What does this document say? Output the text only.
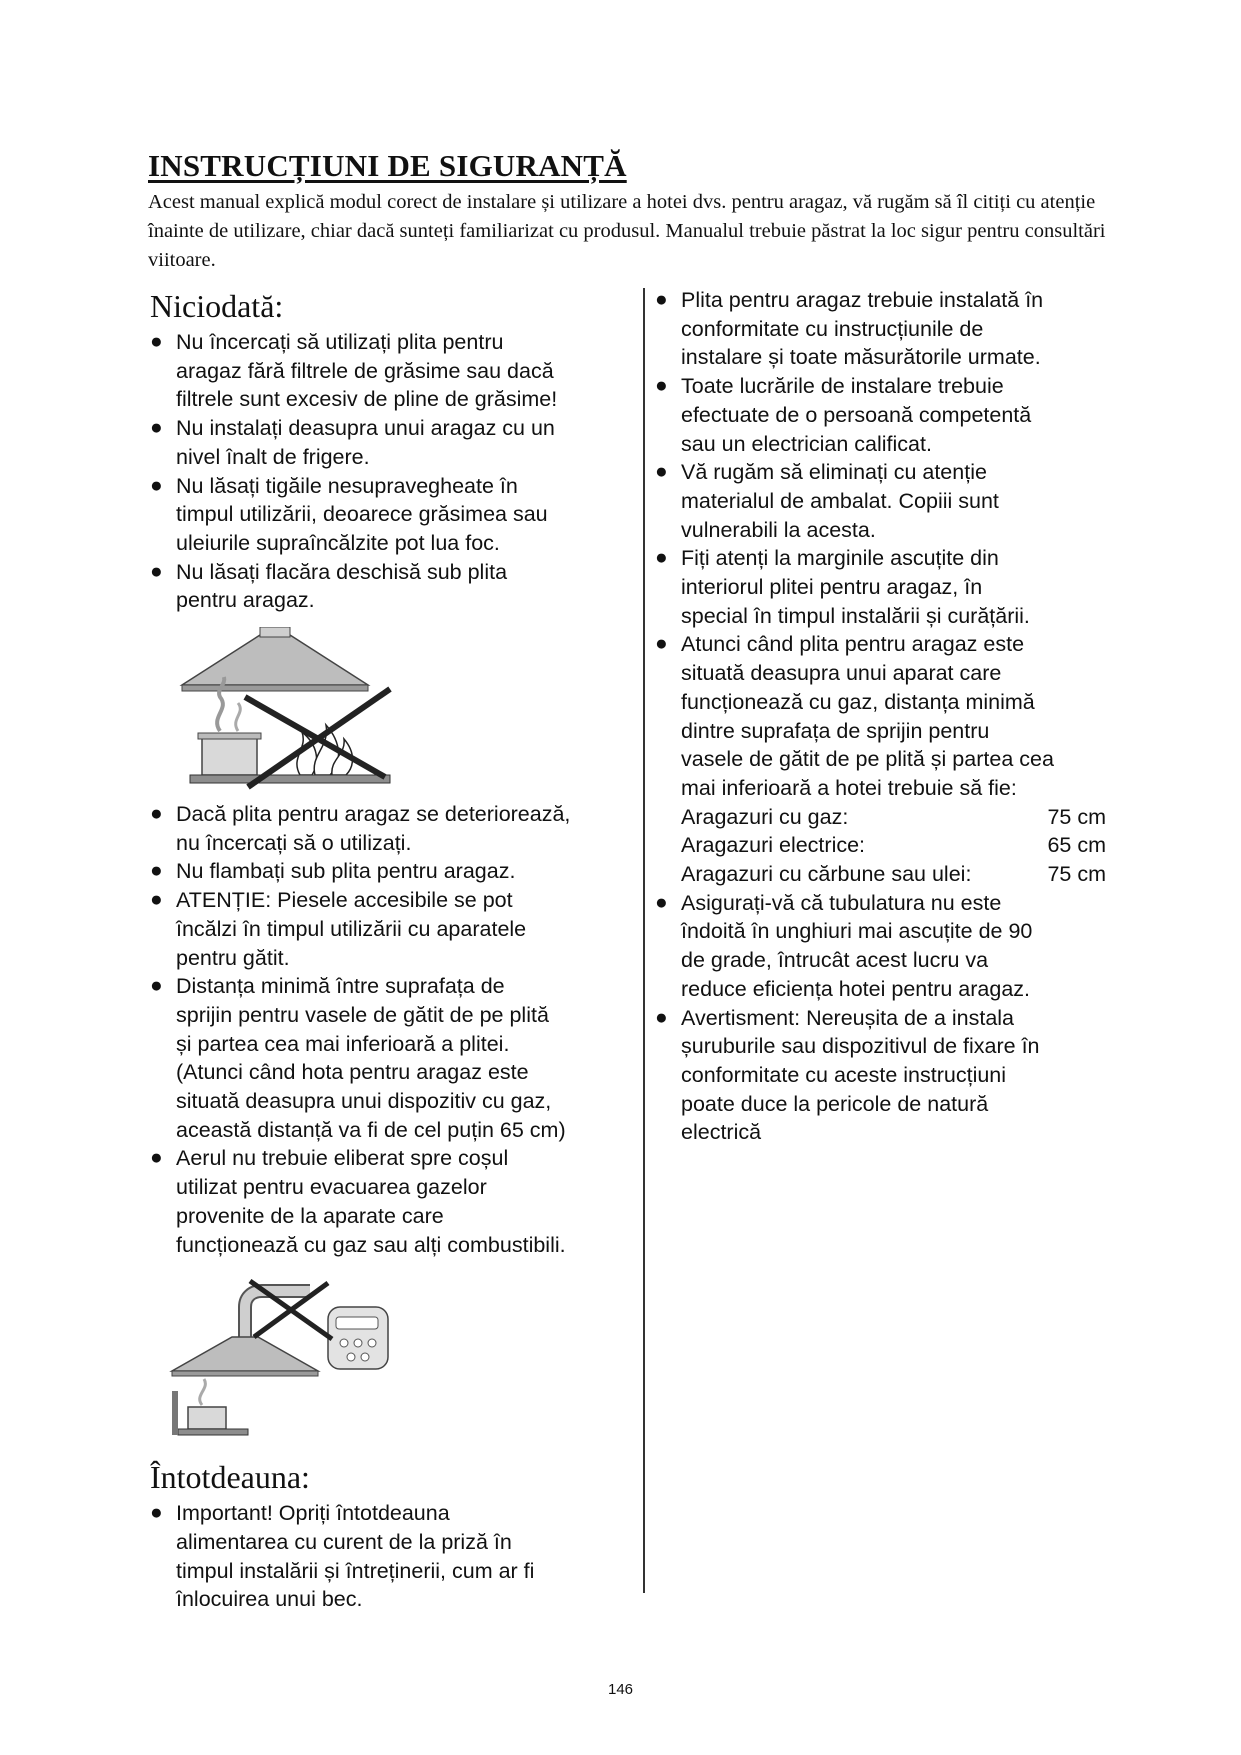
INSTRUCȚIUNI DE SIGURANȚĂ
Acest manual explică modul corect de instalare și utilizare a hotei dvs. pentru aragaz, vă rugăm să îl citiți cu atenție înainte de utilizare, chiar dacă sunteți familiarizat cu produsul. Manualul trebuie păstrat la loc sigur pentru consultări viitoare.
Niciodată:
● Nu încercați să utilizați plita pentru
aragaz fără filtrele de grăsime sau dacă
filtrele sunt excesiv de pline de grăsime!

● Nu instalați deasupra unui aragaz cu un
nivel înalt de frigere.

● Nu lăsați tigăile nesupravegheate în
timpul utilizării, deoarece grăsimea sau
uleiurile supraîncălzite pot lua foc.

● Nu lăsați flacăra deschisă sub plita
pentru aragaz.

● Dacă plita pentru aragaz se deteriorează,
nu încercați să o utilizați.

● Nu flambați sub plita pentru aragaz.

● ATENȚIE: Piesele accesibile se pot
încălzi în timpul utilizării cu aparatele
pentru gătit.

● Distanța minimă între suprafața de
sprijin pentru vasele de gătit de pe plită
și partea cea mai inferioară a plitei.
(Atunci când hota pentru aragaz este
situată deasupra unui dispozitiv cu gaz,
această distanță va fi de cel puțin 65 cm)

● Aerul nu trebuie eliberat spre coșul
utilizat pentru evacuarea gazelor
provenite de la aparate care
funcționează cu gaz sau alți combustibili.

Întotdeauna:
● Important! Opriți întotdeauna
alimentarea cu curent de la priză în
timpul instalării și întreținerii, cum ar fi
înlocuirea unui bec.

● Plita pentru aragaz trebuie instalată în
conformitate cu instrucțiunile de
instalare și toate măsurătorile urmate.

● Toate lucrările de instalare trebuie
efectuate de o persoană competentă
sau un electrician calificat.

● Vă rugăm să eliminați cu atenție
materialul de ambalat. Copiii sunt
vulnerabili la acesta.

● Fiți atenți la marginile ascuțite din
interiorul plitei pentru aragaz, în
special în timpul instalării și curățării.

● Atunci când plita pentru aragaz este
situată deasupra unui aparat care
funcționează cu gaz, distanța minimă
dintre suprafața de sprijin pentru
vasele de gătit de pe plită și partea cea
mai inferioară a hotei trebuie să fie:

Aragazuri cu gaz:	75 cm
Aragazuri electrice:	65 cm
Aragazuri cu cărbune sau ulei:	75 cm
● Asigurați-vă că tubulatura nu este
îndoită în unghiuri mai ascuțite de 90
de grade, întrucât acest lucru va
reduce eficiența hotei pentru aragaz.

● Avertisment: Nereușita de a instala
șuruburile sau dispozitivul de fixare în
conformitate cu aceste instrucțiuni
poate duce la pericole de natură
electrică

146
